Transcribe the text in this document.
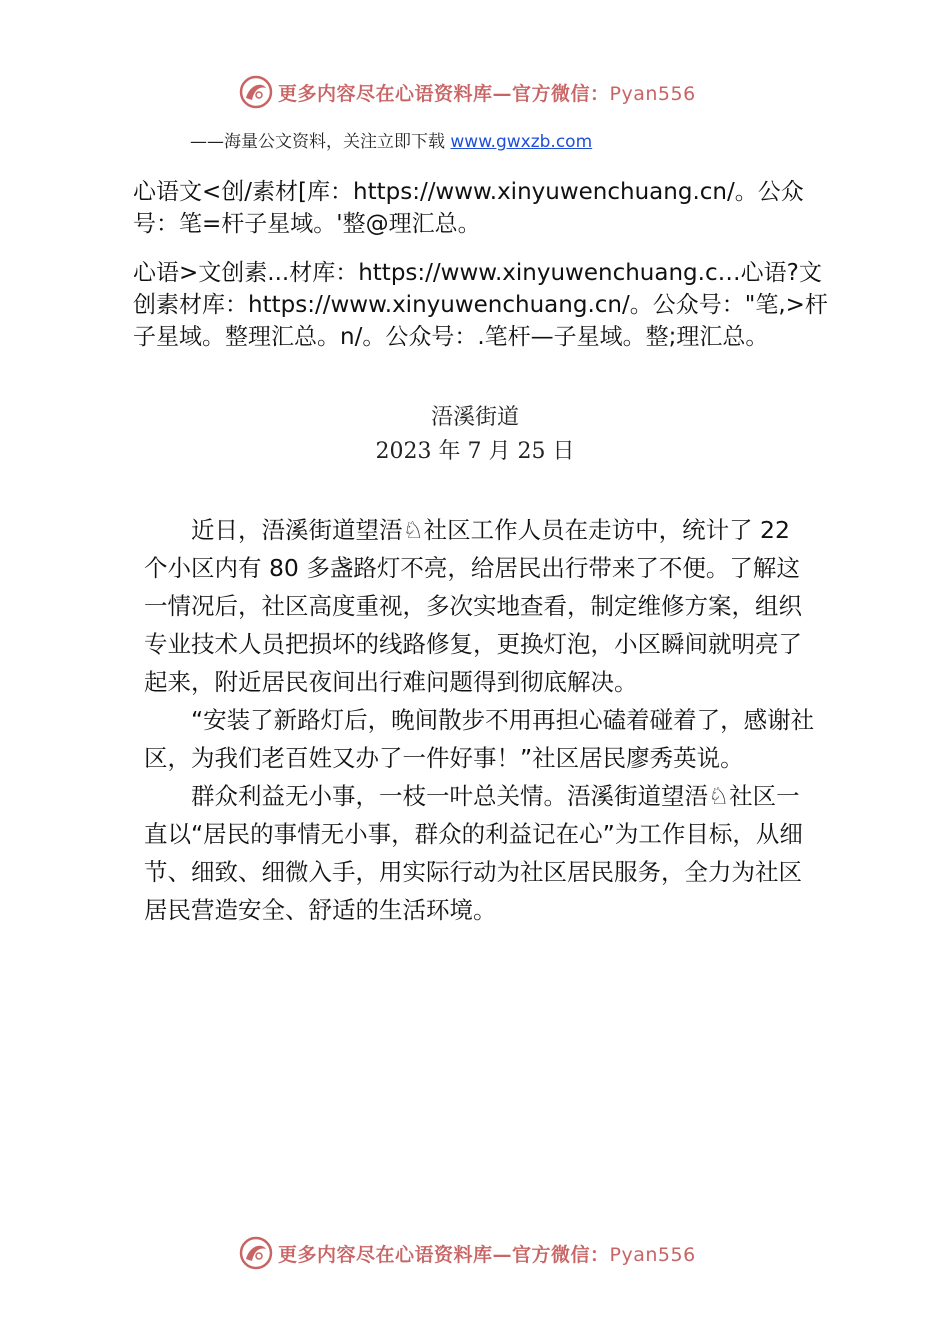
更多内容尽在心语资料库—官方微信：Pyan556
——海量公文资料，关注立即下载 www.gwxzb.com
心语文<创/素材[库：https://www.xinyuwenchuang.cn/。公众号：笔=杆子星域。'整@理汇总。
心语>文创素...材库：https://www.xinyuwenchuang.c…心语?文创素材库：https://www.xinyuwenchuang.cn/。公众号："笔,>杆子星域。整理汇总。n/。公众号：.笔杆—子星域。整;理汇总。
浯溪街道
2023 年 7 月 25 日

近日，浯溪街道望浯♘社区工作人员在走访中，统计了 22 个小区内有 80 多盏路灯不亮，给居民出行带来了不便。了解这一情况后，社区高度重视，多次实地查看，制定维修方案，组织专业技术人员把损坏的线路修复，更换灯泡，小区瞬间就明亮了起来，附近居民夜间出行难问题得到彻底解决。

“安装了新路灯后，晚间散步不用再担心磕着碰着了，感谢社区，为我们老百姓又办了一件好事！”社区居民廖秀英说。

群众利益无小事，一枝一叶总关情。浯溪街道望浯♘社区一直以“居民的事情无小事，群众的利益记在心”为工作目标，从细节、细致、细微入手，用实际行动为社区居民服务，全力为社区居民营造安全、舒适的生活环境。

更多内容尽在心语资料库—官方微信：Pyan556
